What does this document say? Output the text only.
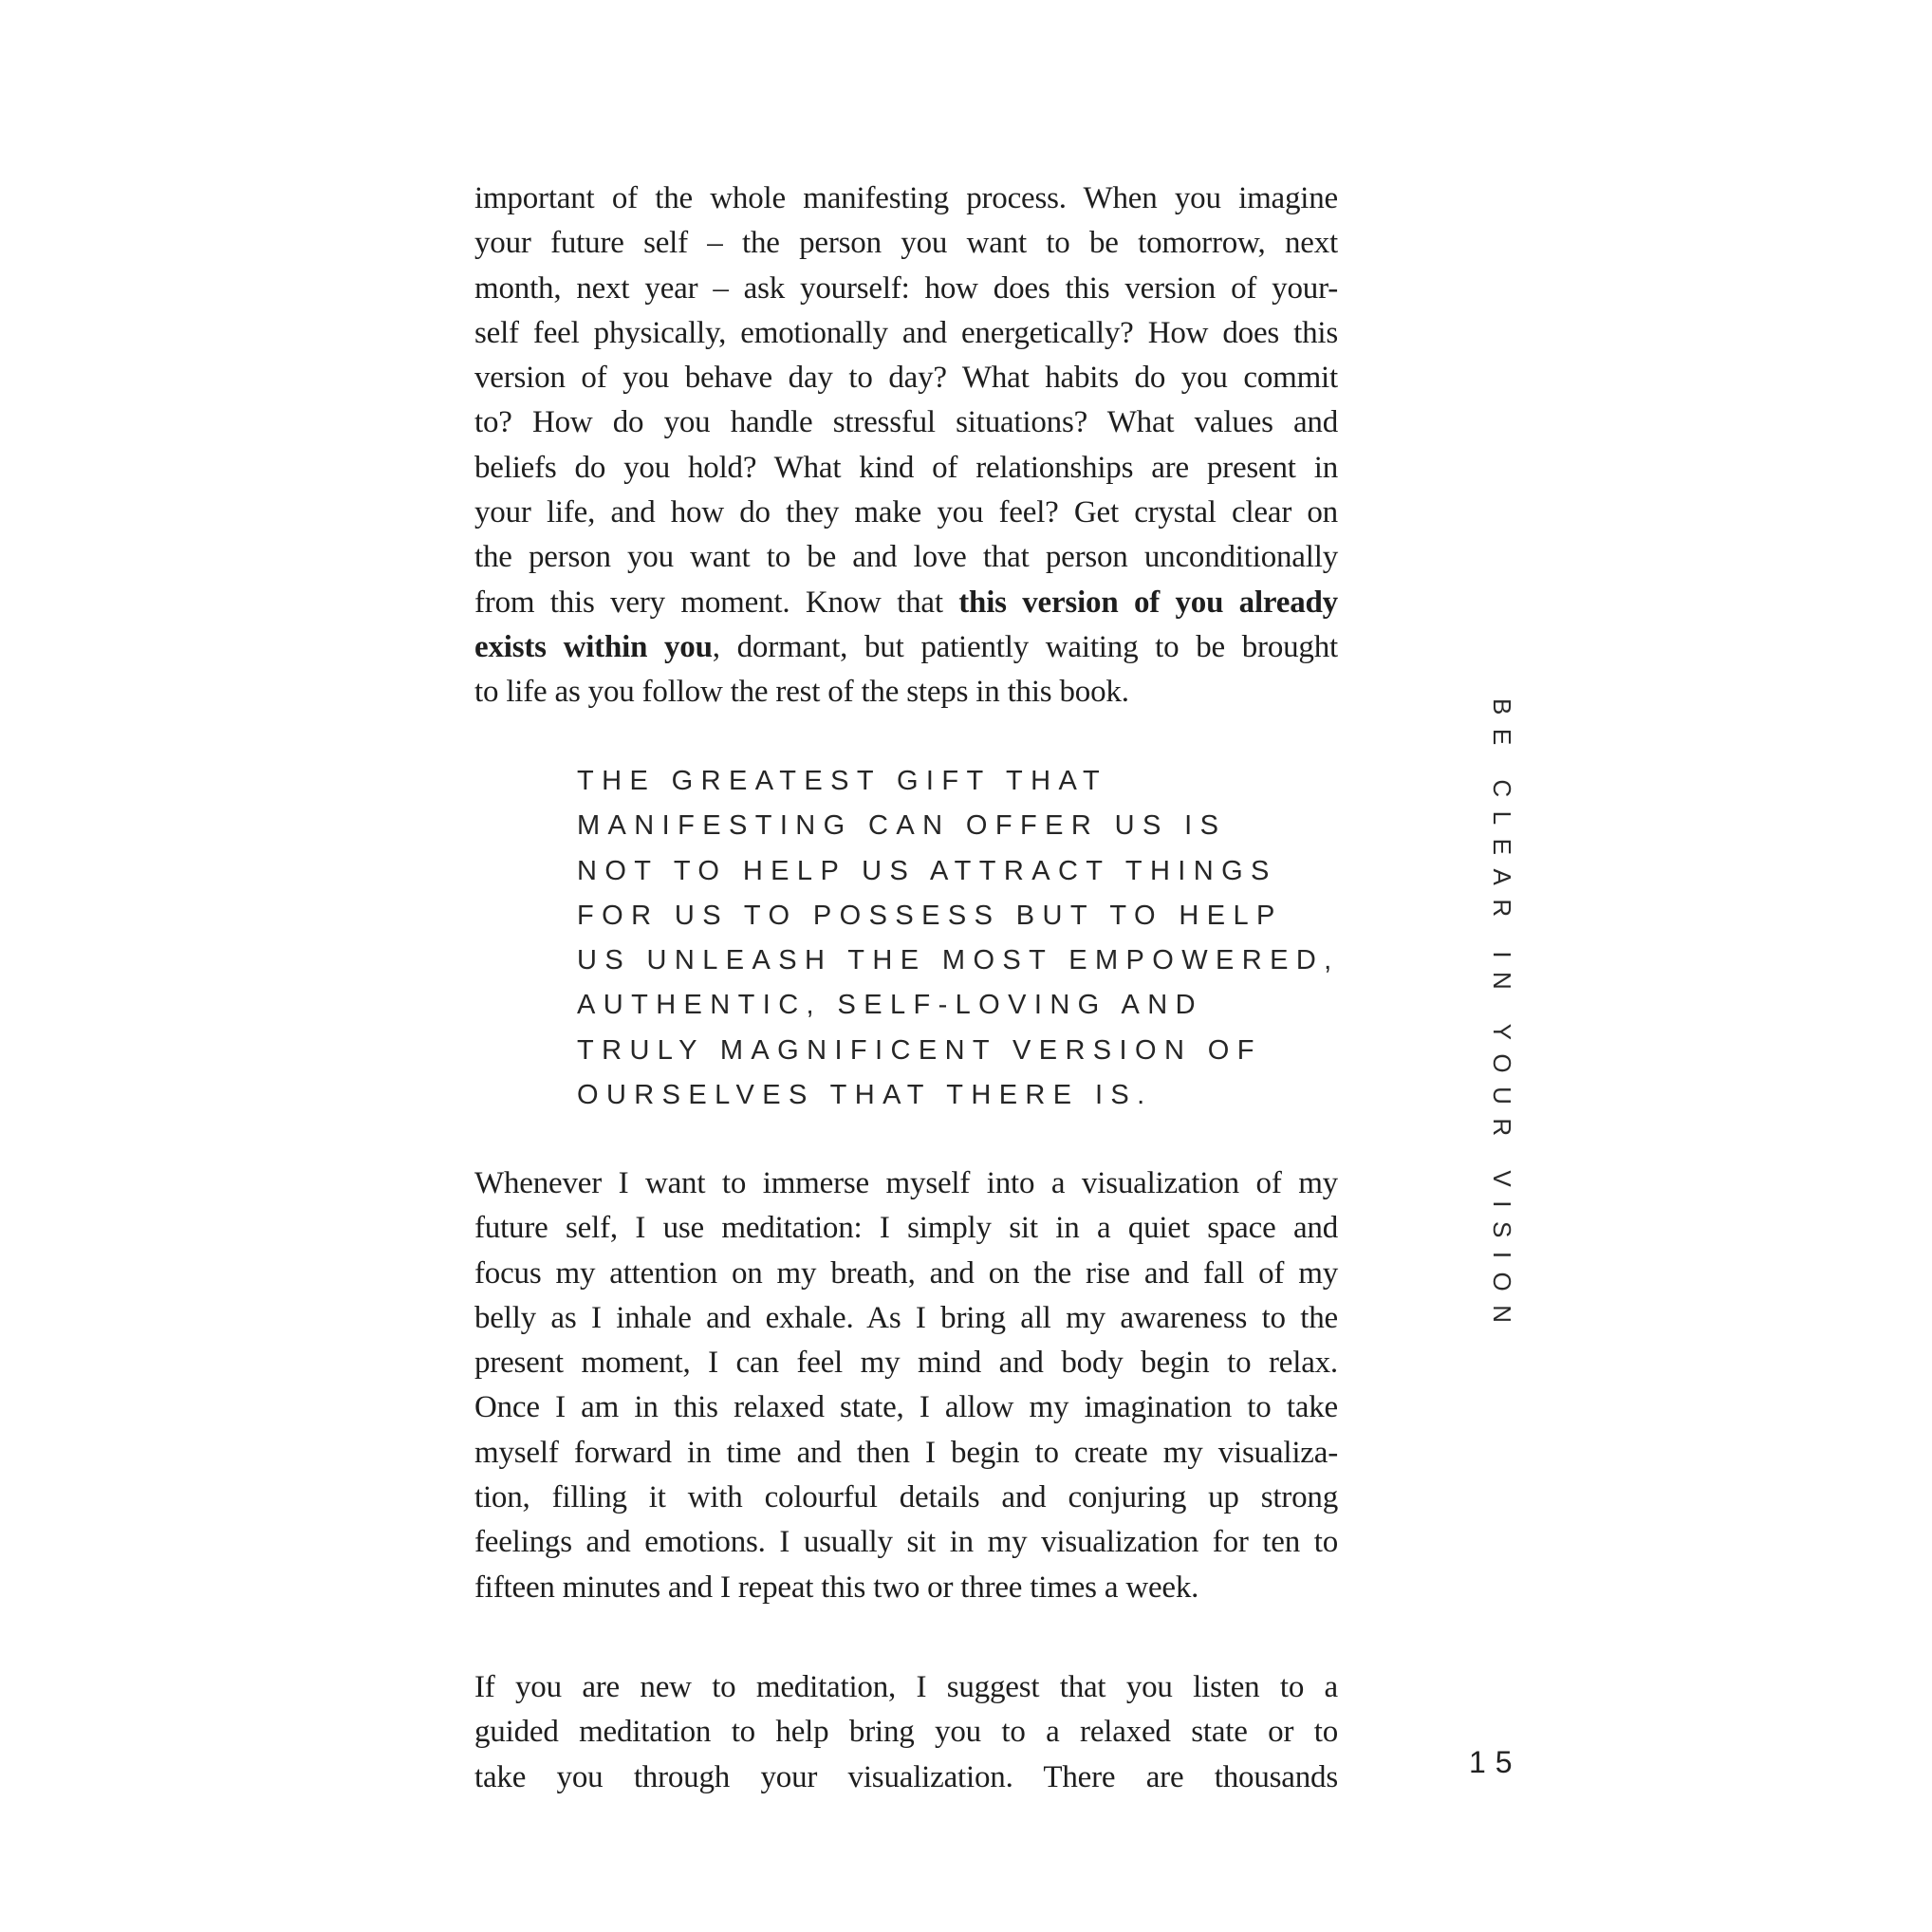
important of the whole manifesting process. When you imagine
your future self – the person you want to be tomorrow, next
month, next year – ask yourself: how does this version of your-
self feel physically, emotionally and energetically? How does this
version of you behave day to day? What habits do you commit
to? How do you handle stressful situations? What values and
beliefs do you hold? What kind of relationships are present in
your life, and how do they make you feel? Get crystal clear on
the person you want to be and love that person unconditionally
from this very moment. Know that this version of you already
exists within you, dormant, but patiently waiting to be brought
to life as you follow the rest of the steps in this book.

THE GREATEST GIFT THAT
MANIFESTING CAN OFFER US IS
NOT TO HELP US ATTRACT THINGS
FOR US TO POSSESS BUT TO HELP
US UNLEASH THE MOST EMPOWERED,
AUTHENTIC, SELF-LOVING AND
TRULY MAGNIFICENT VERSION OF
OURSELVES THAT THERE IS.

Whenever I want to immerse myself into a visualization of my
future self, I use meditation: I simply sit in a quiet space and
focus my attention on my breath, and on the rise and fall of my
belly as I inhale and exhale. As I bring all my awareness to the
present moment, I can feel my mind and body begin to relax.
Once I am in this relaxed state, I allow my imagination to take
myself forward in time and then I begin to create my visualiza-
tion, filling it with colourful details and conjuring up strong
feelings and emotions. I usually sit in my visualization for ten to
fifteen minutes and I repeat this two or three times a week.

If you are new to meditation, I suggest that you listen to a
guided meditation to help bring you to a relaxed state or to
take you through your visualization. There are thousands

BE CLEAR IN YOUR VISION
15
